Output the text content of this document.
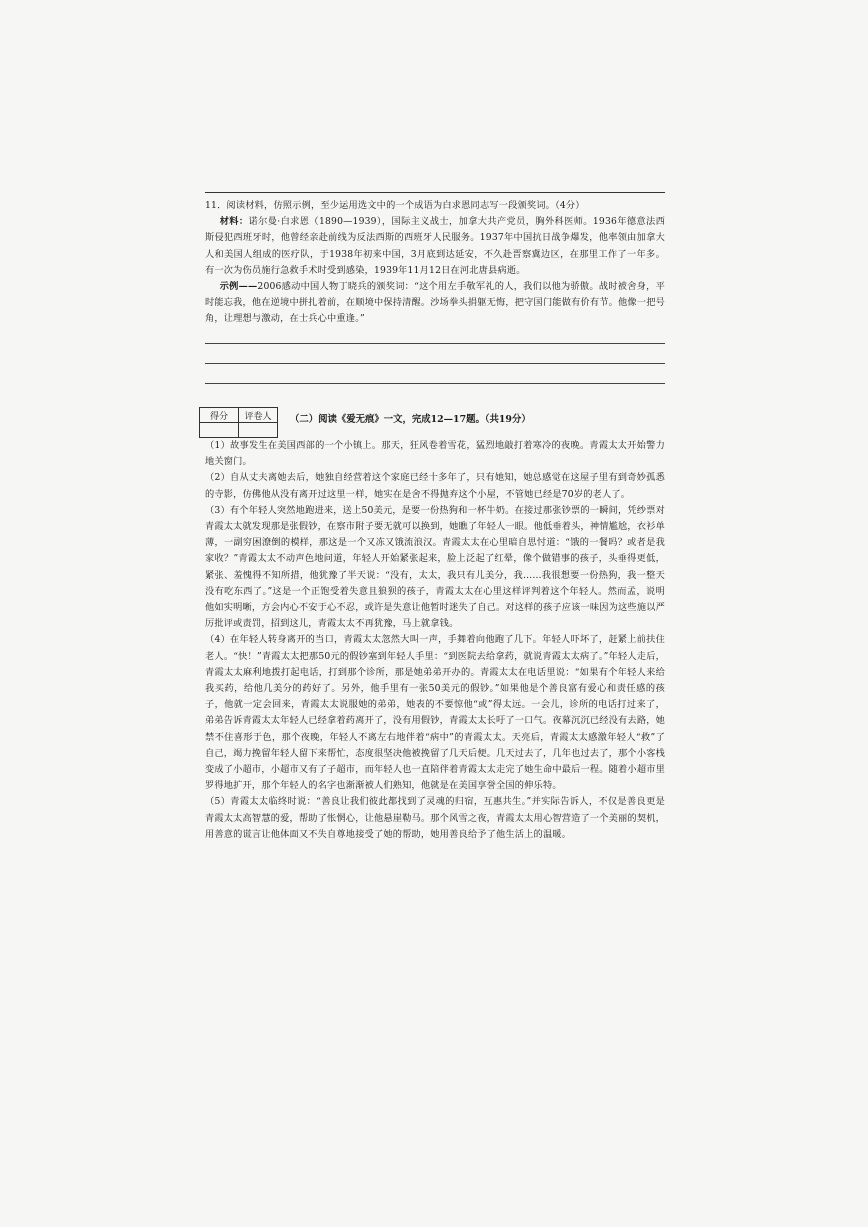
11．阅读材料，仿照示例，至少运用选文中的一个成语为白求恩同志写一段颁奖词。（4分）

材料：诺尔曼·白求恩（1890—1939），国际主义战士，加拿大共产党员，胸外科医师。1936年德意法西斯侵犯西班牙时，他曾经亲赴前线为反法西斯的西班牙人民服务。1937年中国抗日战争爆发，他率领由加拿大人和美国人组成的医疗队，于1938年初来中国，3月底到达延安，不久赴晋察冀边区，在那里工作了一年多。有一次为伤员施行急救手术时受到感染，1939年11月12日在河北唐县病逝。

示例——2006感动中国人物丁晓兵的颁奖词：“这个用左手敬军礼的人，我们以他为骄傲。战时被舍身，平时能忘我，他在逆境中拼扎着前，在顺境中保持清醒。沙场拳头捐躯无悔，把守国门能做有价有节。他像一把号角，让理想与激动，在士兵心中重逢。”

得分	评卷人
	（二）阅读《爱无痕》一文，完成12—17题。（共19分）

（1）故事发生在美国西部的一个小镇上。那天，狂风卷着雪花，猛烈地敲打着寒冷的夜晚。青霞太太开始警力地关窗门。

（2）自从丈夫离她去后，她独自经营着这个家庭已经十多年了，只有她知，她总感觉在这屋子里有到奇妙孤悉的寺影，仿佛他从没有离开过这里一样，她实在是舍不得抛弃这个小屋，不管她已经是70岁的老人了。

（3）有个年轻人突然地跑进来，送上50美元，是要一份热狗和一杯牛奶。在接过那张钞票的一瞬间，凭纱票对青霞太太就发现那是张假钞，在察市附子要无就可以换到，她瞧了年轻人一眼。他低垂着头，神情尴尬，衣衫单薄，一副穷困潦倒的模样，那这是一个又冻又饿流浪汉。青霞太太在心里暗自思忖道：“饿的一餐吗？或者是我家收？”青霞太太不动声色地问道，年轻人开始紧张起来，脸上泛起了红晕，像个做错事的孩子，头垂得更低，紧张、羞愧得不知所措，他犹豫了半天说：“没有，太太，我只有儿美分，我……我很想要一份热狗，我一整天没有吃东西了。”这是一个正饱受着失意且狼狈的孩子，青霞太太在心里这样评判着这个年轻人。然而孟，说明他如实明晰，方会内心不安于心不忍，或许是失意让他暂时迷失了自己。对这样的孩子应该一味因为这些施以严厉批评或责罚，招到这儿，青霞太太不再犹豫，马上就拿钱。

（4）在年轻人转身离开的当口，青霞太太忽然大叫一声，手舞着向他跑了几下。年轻人吓坏了，赶紧上前扶住老人。“快！”青霞太太把那50元的假钞塞到年轻人手里：“到医院去给拿药，就说青霞太太病了。”年轻人走后，青霞太太麻利地拨打起电话，打到那个诊所，那是她弟弟开办的。青霞太太在电话里说：“如果有个年轻人来给我买药，给他几美分的药好了。另外，他手里有一张50美元的假钞。”如果他是个善良富有爱心和责任感的孩子，他就一定会回来，青霞太太说服她的弟弟，她表的不要惊他“或”得太远。一会儿，诊所的电话打过来了，弟弟告诉青霞太太年轻人已经拿着药离开了，没有用假钞，青霞太太长吁了一口气。夜幕沉沉已经没有去路，她禁不住喜形于色，那个夜晚，年轻人不离左右地伴着“病中”的青霞太太。天亮后，青霞太太感激年轻人“救”了自己，竭力挽留年轻人留下来帮忙，态度很坚决他被挽留了几天后便。几天过去了，几年也过去了，那个小客栈变成了小超市，小超市又有了子超市，而年轻人也一直陪伴着青霞太太走完了她生命中最后一程。随着小超市里罗得地扩开，那个年轻人的名字也渐渐被人们熟知，他就是在美国享誉全国的伸乐特。

（5）青霞太太临终时说：“善良让我们彼此都找到了灵魂的归宿，互惠共生。”并实际告诉人，不仅是善良更是青霞太太高智慧的爱，帮助了怅惘心，让他悬崖勒马。那个风雪之夜，青霞太太用心智营造了一个美丽的契机，用善意的谎言让他体面又不失自尊地接受了她的帮助，她用善良给予了他生活上的温暖。
